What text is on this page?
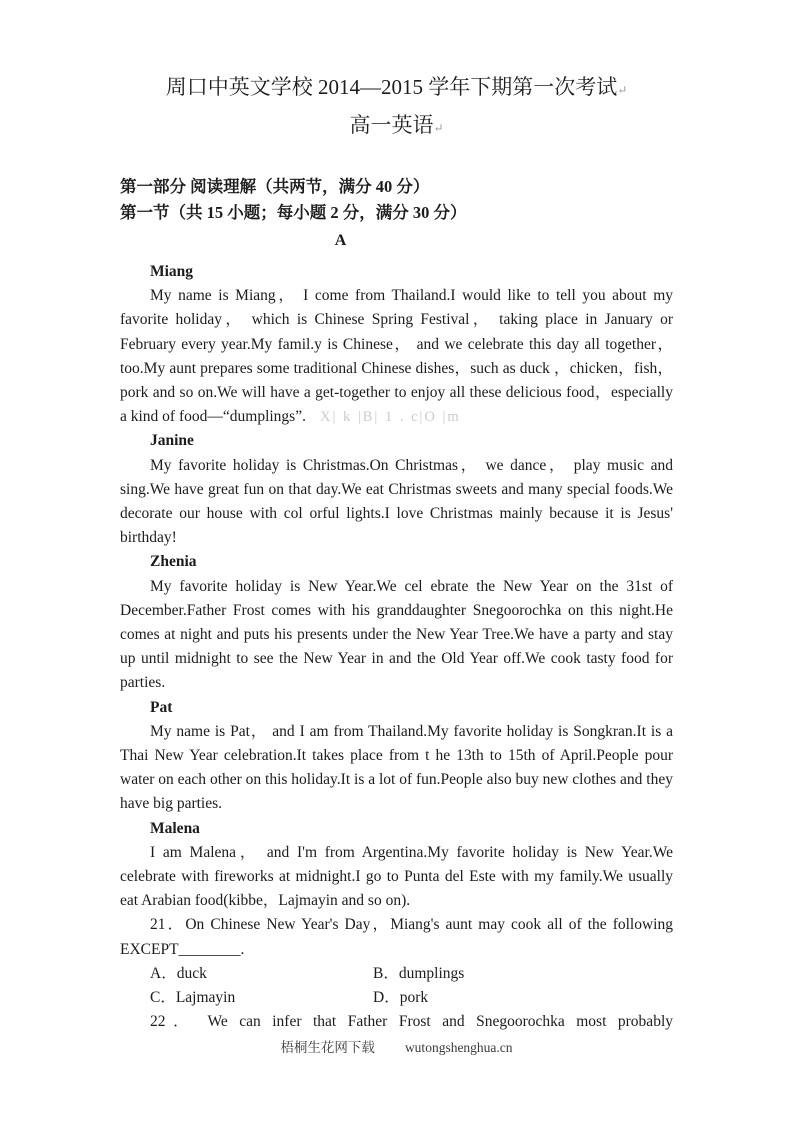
周口中英文学校 2014—2015 学年下期第一次考试↵
高一英语↵
第一部分 阅读理解（共两节，满分 40 分）
第一节（共 15 小题；每小题 2 分，满分 30 分）
A

Miang

My name is Miang， I come from Thailand.I would like to tell you about my favorite holiday， which is Chinese Spring Festival， taking place in January or February every year.My famil.y is Chinese， and we celebrate this day all together，too.My aunt prepares some traditional Chinese dishes，such as duck ，chicken，fish，pork and so on.We will have a get-together to enjoy all these delicious food，especially a kind of food—“dumplings”. X| k |B| 1 . c|O |m

Janine

My favorite holiday is Christmas.On Christmas， we dance， play music and sing.We have great fun on that day.We eat Christmas sweets and many special foods.We decorate our house with col orful lights.I love Christmas mainly because it is Jesus' birthday!

Zhenia

My favorite holiday is New Year.We cel ebrate the New Year on the 31st of December.Father Frost comes with his granddaughter Snegoorochka on this night.He comes at night and puts his presents under the New Year Tree.We have a party and stay up until midnight to see the New Year in and the Old Year off.We cook tasty food for parties.

Pat

My name is Pat， and I am from Thailand.My favorite holiday is Songkran.It is a Thai New Year celebration.It takes place from t he 13th to 15th of April.People pour water on each other on this holiday.It is a lot of fun.People also buy new clothes and they have big parties.

Malena

I am Malena， and I'm from Argentina.My favorite holiday is New Year.We celebrate with fireworks at midnight.I go to Punta del Este with my family.We usually eat Arabian food(kibbe，Lajmayin and so on).

21．On Chinese New Year's Day，Miang's aunt may cook all of the following EXCEPT________.

A．duck	B．dumplings

C．Lajmayin	D．pork

22． We can infer that Father Frost and Snegoorochka most probably

梧桐生花网下载 wutongshenghua.cn
